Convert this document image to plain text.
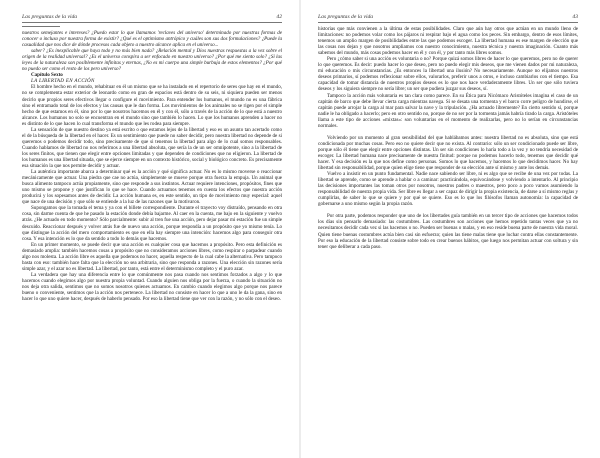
Las preguntas de la vida	42

nuestros semejantes e intereses? ¿Puedo estar lo que llamamos 'reclaves del universo' determinado por nuestras formas de conocer o incluso por nuestra forma de existir? ¿Qué es el optimismo antrópico y cuáles son sus dos formulaciones? ¿Puede la casualidad que nos dice de dónde procesos cada objeto a nuestro alcance aplica en el universo...

saber? ¿Es inexplicable que haya todo y no más bien nada? ¿Relación mental y Dios nuestras respuestas a la vez sobre el origen de la realidad universal? ¿Es el universo conspira a ser enfocado en nuestro universo? ¿Por qué me siento solo? ¿Si las leyes de la naturaleza son posiblemente infinitas y eternas, ¿No es mi cuerpo una simple burbuja de estos elementos? ¿Por qué no puedo ser como el resto de los pero universo?

Capítulo Sexto

LA LIBERTAD EN ACCIÓN

El hombre hecho en el mundo, rehabituar en él un mismo que se ha instalado en el repertorio de seres que hay en el mundo, no se complementa estar exterior de leonardo como en gran de espacios está dentro de su seis, ni siquiera pueden ser menos decirlo que propios seres efectivos llegar o configure el movimiento. Para entender los humanos, el mundo no es una fábrica sino el entramado total de los efectos y las causas que le dan forma. Los movimientos de los animales no se rigen por el simple hecho de que estamos en él, sino por lo que nosotros hacemos en él y con él, sólo a través de la acción de lo que está a nuestro alcance. Los humanos no solo se encuentran en el mundo sino que también lo hacen. Lo que los humanos aprenden a hacer no es distinto de lo que hacen lo cual transforma el mundo que les rodea para siempre.

La sensación de que nuestro destino ya está escrito o que estamos lejos de la libertad y eso es un asunto tan acertado como el de la búsqueda de la libertad en el hacer. Es un sentimiento que puede no saber decidir, pero nuestra libertad no depende de si queremos o podemos decidir todo, sino precisamente de que si tenemos la libertad para algo de lo cual somos responsables. Cuando hablamos de libertad no nos referimos a una libertad absoluta, que sería la de un ser omnipotente, sino a la libertad de los seres finitos, que tienen que elegir entre opciones limitadas y que dependen de condiciones que no eligieron. La libertad de los humanos es una libertad situada, que se ejerce siempre en un contexto histórico, social y biológico concreto. Es precisamente esa situación la que nos permite decidir y actuar.

La auténtica importante abarca a determinar qué es la acción y qué significa actuar. No es lo mismo moverse o reaccionar mecánicamente que actuar. Una piedra que cae no actúa, simplemente se mueve porque otra fuerza la empuja. Un animal que busca alimento tampoco actúa propiamente, sino que responde a sus instintos. Actuar requiere intenciones, propósitos, fines que uno mismo se propone y que justifican lo que se hace. Cuando actuamos tenemos en cuenta los efectos que nuestra acción producirá y los sopesamos antes de decidir. La acción humana es, en este sentido, un tipo de movimiento muy especial: aquel que nace de una decisión y que sólo se entiende a la luz de las razones que la motivaron.

Supongamos que la tomada el tema y ya con el billete correspondiente. Durante el trayecto voy distraído, pensando en otra cosa, sin darme cuenta de que he pasado la estación donde debía bajarme. Al caer en la cuenta, me bajo en la siguiente y vuelvo atrás. ¿He actuado en todo momento? Sólo parcialmente: subir al tren fue una acción, pero dejar pasar mi estación fue un simple descuido. Reaccionar después y volver atrás fue de nuevo una acción, porque respondía a un propósito que yo mismo tenía. Lo que distingue la acción del mero comportamiento es que en ella hay siempre una intención: hacemos algo para conseguir otra cosa. Y esa intención es lo que da sentido a todo lo demás que hacemos.

En un primer momento, se puede decir que una acción es cualquier cosa que hacemos a propósito. Pero esta definición es demasiado amplia: también hacemos cosas a propósito que no consideramos acciones libres, como respirar o parpadear cuando algo nos molesta. La acción libre es aquella que podemos no hacer, aquella respecto de la cual cabe la alternativa. Pero tampoco basta con eso: también hace falta que la elección no sea arbitraria, sino que responda a razones. Una elección sin razones sería simple azar, y el azar no es libertad. La libertad, por tanto, está entre el determinismo completo y el puro azar.

La verdadera que hay una diferencia entre lo que comúnmente nos pasa cuando nos sentimos forzados a algo y lo que hacemos cuando elegimos algo por nuestra propia voluntad. Cuando alguien nos obliga por la fuerza, o cuando la situación no nos deja otra salida, sentimos que no somos nosotros quienes actuamos. En cambio cuando elegimos algo porque nos parece bueno o conveniente, sentimos que la acción nos pertenece. La libertad no consiste en hacer lo que a uno le da la gana, sino en hacer lo que uno quiere hacer, después de haberlo pensado. Por eso la libertad tiene que ver con la razón, y no sólo con el deseo.

Las preguntas de la vida	43

historias que más convienen a la última de estas posibilidades. Claro que aún hay otros que actúan en un mundo lleno de limitaciones: no podemos volar como los pájaros ni respirar bajo el agua como los peces. Sin embargo, dentro de esos límites, tenemos un amplio margen de posibilidades entre las que podemos escoger. La libertad humana es ese margen de elección que las cosas nos dejan y que nosotros ampliamos con nuestro conocimiento, nuestra técnica y nuestra imaginación. Cuanto más sabemos del mundo, más cosas podemos hacer en él y con él, y por tanto más libres somos.

Pero ¿cómo saber si una acción es voluntaria o no? Porque quizá somos libres de hacer lo que queremos, pero no de querer lo que queremos. Es decir: puedo hacer lo que deseo, pero no puedo elegir mis deseos, que me vienen dados por mi naturaleza, mi educación o mis circunstancias. ¿Es entonces la libertad una ilusión? No necesariamente. Aunque no elijamos nuestros deseos primarios, sí podemos reflexionar sobre ellos, valorarlos, preferir unos a otros, e incluso cambiarlos con el tiempo. Esa capacidad de tomar distancia de nuestros propios deseos es lo que nos hace verdaderamente libres. Un ser que sólo tuviera deseos y los siguiera siempre no sería libre; un ser que pudiera juzgar sus deseos, sí.

Tampoco la acción más voluntaria es tan clara como parece. En su Ética para Nicómaco Aristóteles imagina el caso de un capitán de barco que debe llevar cierta carga mientras navega. Si se desata una tormenta y el barco corre peligro de hundirse, el capitán puede arrojar la carga al mar para salvar la nave y la tripulación. ¿Ha actuado libremente? En cierto sentido sí, porque nadie le ha obligado a hacerlo; pero en otro sentido no, porque de no ser por la tormenta jamás habría tirado la carga. Aristóteles llama a este tipo de acciones «mixtas»: son voluntarias en el momento de realizarlas, pero no lo serían en circunstancias normales.

Volviendo por un momento al gran sensibilidad del que hablábamos antes: nuestra libertad no es absoluta, sino que está condicionada por muchas cosas. Pero eso no quiere decir que no exista. Al contrario: sólo un ser condicionado puede ser libre, porque sólo él tiene que elegir entre opciones distintas. Un ser sin condiciones lo haría todo a la vez y no tendría necesidad de escoger. La libertad humana nace precisamente de nuestra finitud: porque no podemos hacerlo todo, tenemos que decidir qué hacer. Y esa decisión es la que nos define como personas. Somos lo que hacemos, y hacemos lo que decidimos hacer. No hay libertad sin responsabilidad, porque quien elige tiene que responder de su elección ante sí mismo y ante los demás.

Vuelvo a insistir en un punto fundamental. Nadie nace sabiendo ser libre, ni es algo que se recibe de una vez por todas. La libertad se aprende, como se aprende a hablar o a caminar: practicándola, equivocándose y volviendo a intentarlo. Al principio las decisiones importantes las toman otros por nosotros, nuestros padres o maestros, pero poco a poco vamos asumiendo la responsabilidad de nuestra propia vida. Ser libre es llegar a ser capaz de dirigir la propia existencia, de darse a sí mismo reglas y cumplirlas, de saber lo que se quiere y por qué se quiere. Eso es lo que los filósofos llaman autonomía: la capacidad de gobernarse a uno mismo según la propia razón.

Por otra parte, podemos responder que uno de los libertades guía también en un tercer tipo de acciones que hacemos todos los días sin pensarlo demasiado: las costumbres. Las costumbres son acciones que hemos repetido tantas veces que ya no necesitamos decidir cada vez si las hacemos o no. Pueden ser buenas o malas, y en eso reside buena parte de nuestra vida moral. Quien tiene buenas costumbres actúa bien casi sin esfuerzo; quien las tiene malas tiene que luchar contra ellas constantemente. Por eso la educación de la libertad consiste sobre todo en crear buenos hábitos, que luego nos permitan actuar con soltura y sin tener que deliberar a cada paso.
